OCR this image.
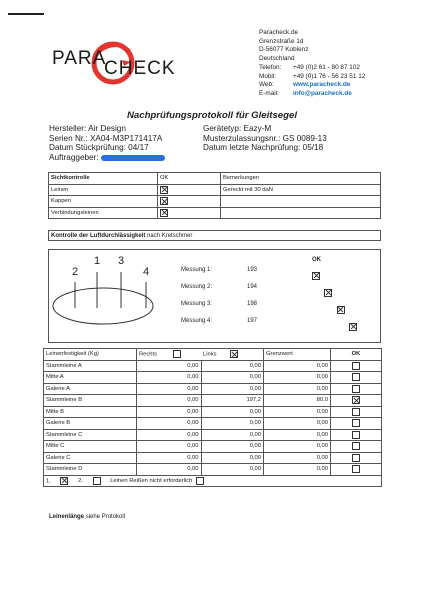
PARA
CHECK
Paracheck.de
Grenzstraße 1d
D-56077 Koblenz
Deutschland
Telefon: +49 (0)2 61 - 80 87 102
Mobil:	+49 (0)1 76 - 56 23 51 12
Web:	www.paracheck.de
E-mail: info@paracheck.de
Nachprüfungsprotokoll für Gleitsegel
Hersteller: Air Design
Serien Nr.: XA04-M3P171417A
Datum Stückprüfung: 04/17
Auftraggeber:
Gerätetyp: Eazy-M
Musterzulassungsnr.: GS 0089-13
Datum letzte Nachprüfung: 05/18
Sichtkontrolle	OK	Bemerkungen
Leinen		Gereckt mit 30 daN
Kappen		
Verbindungsleinen		
Kontrolle der Luftdurchlässigkeit nach Kretschmer
2
1 3
4
OK
Messung 1:	193

Messung 2:	194

Messung 3:	198

Messung 4:	197
Leinenfestigkeit (Kg)	Rechts	Links	Grenzwert	OK
Stammleine A	0,00	0,00	0,00	
Mitte A	0,00	0,00	0,00	
Galerie A	0,00	0,00	0,00	
Stammleine B	0,00	197,2	80,0	
Mitte B	0,00	0,00	0,00	
Galerie B	0,00	0,00	0,00	
Stammleine C	0,00	0,00	0,00	
Mitte C	0,00	0,00	0,00	
Galerie C	0,00	0,00	0,00	
Stammleine D	0,00	0,00	0,00	
1. 2. Leinen Reißen nicht erforderlich				
Leinenlänge siehe Protokoll
